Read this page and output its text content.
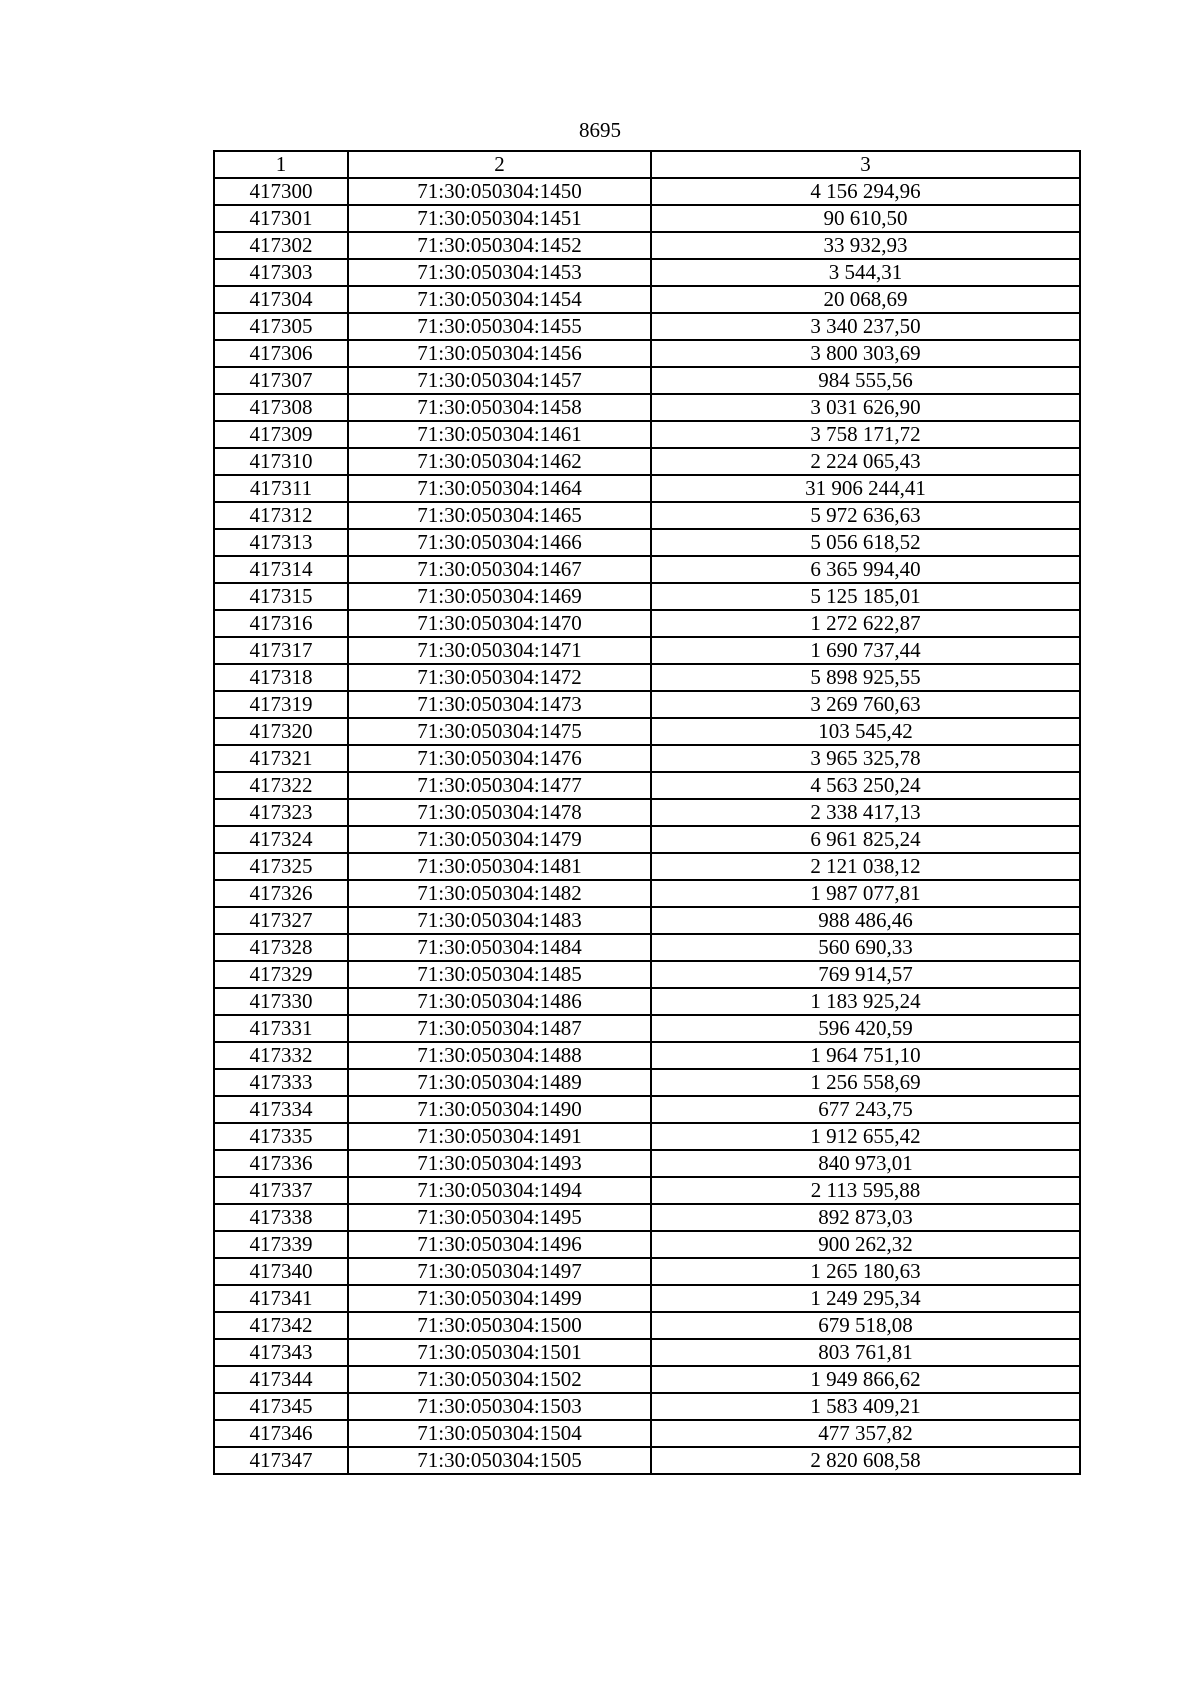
8695
1	2	3
417300	71:30:050304:1450	4 156 294,96
417301	71:30:050304:1451	90 610,50
417302	71:30:050304:1452	33 932,93
417303	71:30:050304:1453	3 544,31
417304	71:30:050304:1454	20 068,69
417305	71:30:050304:1455	3 340 237,50
417306	71:30:050304:1456	3 800 303,69
417307	71:30:050304:1457	984 555,56
417308	71:30:050304:1458	3 031 626,90
417309	71:30:050304:1461	3 758 171,72
417310	71:30:050304:1462	2 224 065,43
417311	71:30:050304:1464	31 906 244,41
417312	71:30:050304:1465	5 972 636,63
417313	71:30:050304:1466	5 056 618,52
417314	71:30:050304:1467	6 365 994,40
417315	71:30:050304:1469	5 125 185,01
417316	71:30:050304:1470	1 272 622,87
417317	71:30:050304:1471	1 690 737,44
417318	71:30:050304:1472	5 898 925,55
417319	71:30:050304:1473	3 269 760,63
417320	71:30:050304:1475	103 545,42
417321	71:30:050304:1476	3 965 325,78
417322	71:30:050304:1477	4 563 250,24
417323	71:30:050304:1478	2 338 417,13
417324	71:30:050304:1479	6 961 825,24
417325	71:30:050304:1481	2 121 038,12
417326	71:30:050304:1482	1 987 077,81
417327	71:30:050304:1483	988 486,46
417328	71:30:050304:1484	560 690,33
417329	71:30:050304:1485	769 914,57
417330	71:30:050304:1486	1 183 925,24
417331	71:30:050304:1487	596 420,59
417332	71:30:050304:1488	1 964 751,10
417333	71:30:050304:1489	1 256 558,69
417334	71:30:050304:1490	677 243,75
417335	71:30:050304:1491	1 912 655,42
417336	71:30:050304:1493	840 973,01
417337	71:30:050304:1494	2 113 595,88
417338	71:30:050304:1495	892 873,03
417339	71:30:050304:1496	900 262,32
417340	71:30:050304:1497	1 265 180,63
417341	71:30:050304:1499	1 249 295,34
417342	71:30:050304:1500	679 518,08
417343	71:30:050304:1501	803 761,81
417344	71:30:050304:1502	1 949 866,62
417345	71:30:050304:1503	1 583 409,21
417346	71:30:050304:1504	477 357,82
417347	71:30:050304:1505	2 820 608,58
